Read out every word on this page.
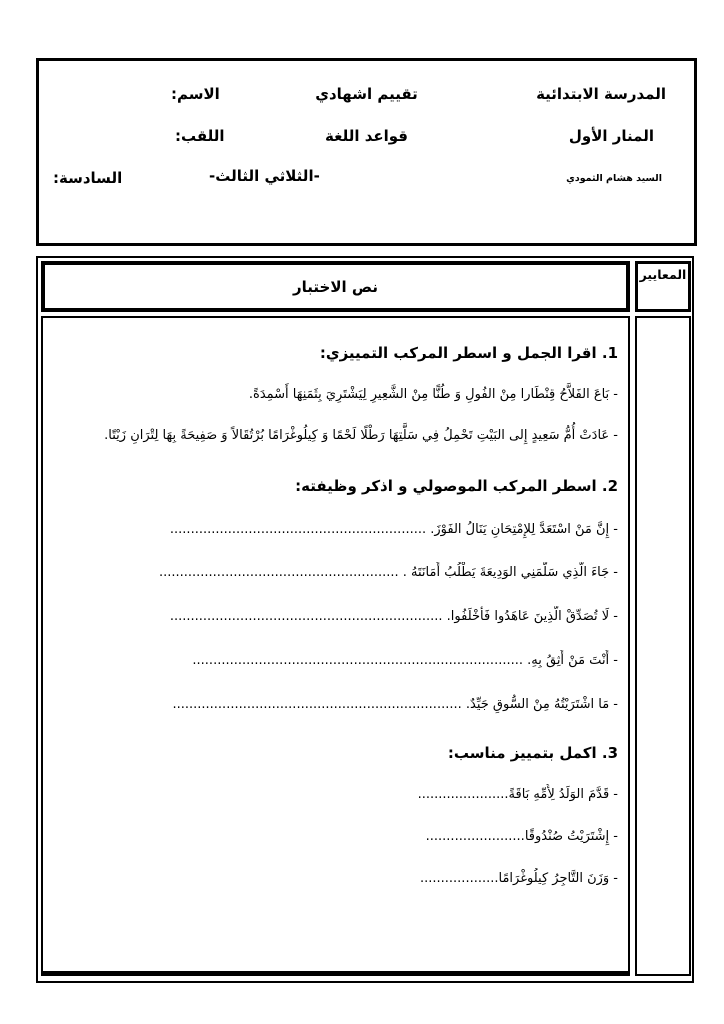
المدرسة الابتدائية
المنار الأول
السيد هشام الثمودي
تقييم اشهادي
قواعد اللغة
-الثلاثي الثالث-
الاسم:
اللقب:
السادسة:
نص الاختبار
المعايير
1. اقرا الجمل و اسطر المركب التمييزي:
- بَاعَ الفَلاَّحُ قِنْطَارا مِنْ الفُولِ وَ طُنًّا مِنْ الشَّعِيرِ لِيَشْتَرِيَ بِثَمَنِهَا أَسْمِدَةً.
- عَادَتْ أُمُّ سَعِيدٍ إِلى البَيْتِ تَحْمِلُ فِي سَلَّتِهَا رَطْلًا لَحْمًا وَ كِيلُوغْرَامًا بُرْتُقَالاً وَ صَفِيحَةً بِهَا لِتْرَانِ زَيْتًا.
2. اسطر المركب الموصولي و اذكر وظيفته:
- إِنَّ مَنْ اسْتَعَدَّ لِلإِمْتِحَانِ يَنَالُ الفَوْزَ. ..............................................................
- جَاءَ الَّذِي سَلَّمَنِي الوَدِيعَةَ يَطْلُبُ أَمَانَتَهُ . ..........................................................
- لَا تُصَدِّقْ الَّذِينَ عَاهَدُوا فَأَخْلَفُوا. ..................................................................
- أَنْتَ مَنْ أَثِقُ بِهِ. ................................................................................
- مَا اشْتَرَيْتُهُ مِنْ السُّوقِ جَيِّدٌ. ......................................................................
3. اكمل بتمييز مناسب:
- قَدَّمَ الوَلَدُ لِأُمِّهِ بَاقَةً......................
- إِشْتَرَيْتُ صُنْدُوقًا........................
- وَزَنَ التَّاجِرُ كِيلُوغْرَامًا...................
